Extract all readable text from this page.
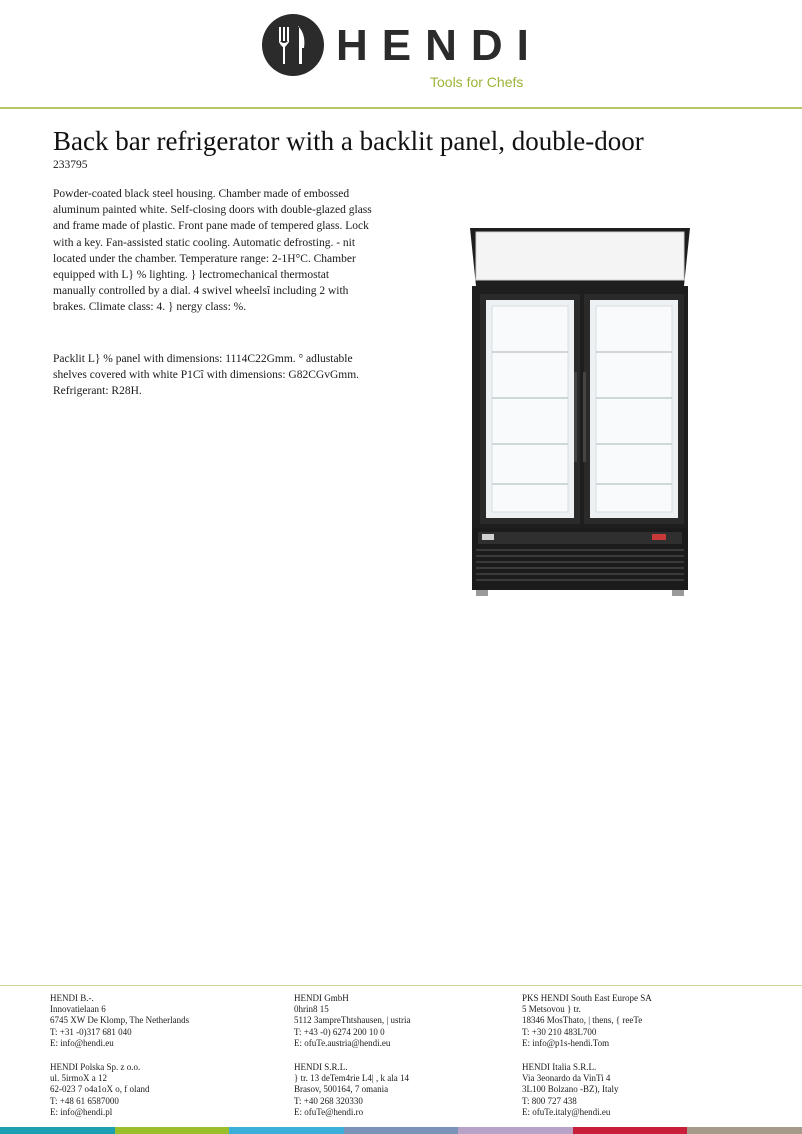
HENDI
Tools for Chefs
Back bar refrigerator with a backlit panel, double-door
233795

Powder-coated black steel housing. Chamber made of embossed aluminum painted white. Self-closing doors with double-glazed glass and frame made of plastic. Front pane made of tempered glass. Lock with a key. Fan-assisted static cooling. Automatic defrosting. - nit located under the chamber. Temperature range: 2-1H°C. Chamber equipped with L} % lighting. } lectromechanical thermostat manually controlled by a dial. 4 swivel wheelsȋ including 2 with brakes. Climate class: 4. } nergy class: %.

Packlit L} % panel with dimensions: 1114C22Gmm. ° adlustable shelves covered with white P1Cȋ with dimensions: G82CGvGmm. Refrigerant: R28H.

HENDI B.-.
Innovatielaan 6
6745 XW De Klomp, The Netherlands
T: +31 -0)317 681 040
E: info@hendi.eu
HENDI GmbH
0hrin8 15
5112 3ampreThtshausen, | ustria
T: +43 -0) 6274 200 10 0
E: ofuTe.austria@hendi.eu
PKS HENDI South East Europe SA
5 Metsovou } tr.
18346 MosThato, | thens, { reeTe
T: +30 210 483L700
E: info@p1s-hendi.Tom
HENDI Polska Sp. z o.o.
ul. 5irmoX a 12
62-023 7 o4a1oX o, f oland
T: +48 61 6587000
E: info@hendi.pl
HENDI S.R.L.
} tr. 13 deTem4rie L4| , k ala 14
Brasov, 500164, 7 omania
T: +40 268 320330
E: ofuTe@hendi.ro
HENDI Italia S.R.L.
Via 3eonardo da VinTi 4
3L100 Bolzano -BZ), Italy
T: 800 727 438
E: ofuTe.italy@hendi.eu
